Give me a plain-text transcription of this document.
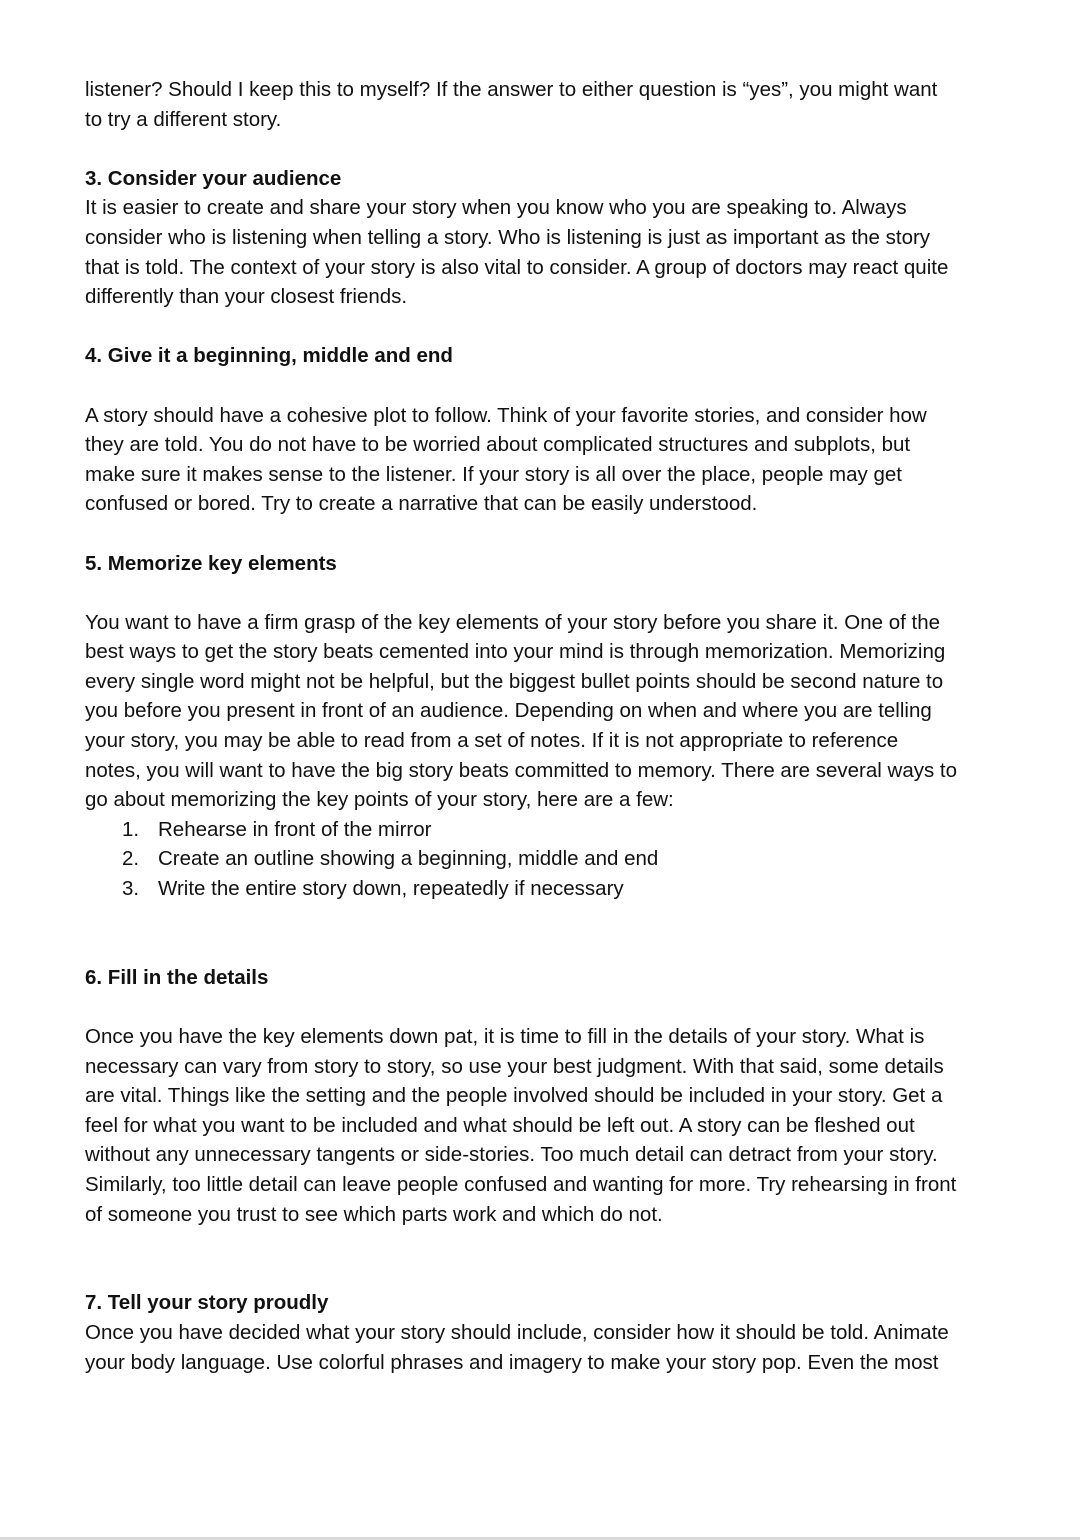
listener? Should I keep this to myself? If the answer to either question is “yes”, you might want
to try a different story.
3. Consider your audience
It is easier to create and share your story when you know who you are speaking to. Always
consider who is listening when telling a story. Who is listening is just as important as the story
that is told. The context of your story is also vital to consider. A group of doctors may react quite
differently than your closest friends.
4. Give it a beginning, middle and end
A story should have a cohesive plot to follow. Think of your favorite stories, and consider how
they are told. You do not have to be worried about complicated structures and subplots, but
make sure it makes sense to the listener. If your story is all over the place, people may get
confused or bored. Try to create a narrative that can be easily understood.
5. Memorize key elements
You want to have a firm grasp of the key elements of your story before you share it. One of the
best ways to get the story beats cemented into your mind is through memorization. Memorizing
every single word might not be helpful, but the biggest bullet points should be second nature to
you before you present in front of an audience. Depending on when and where you are telling
your story, you may be able to read from a set of notes. If it is not appropriate to reference
notes, you will want to have the big story beats committed to memory. There are several ways to
go about memorizing the key points of your story, here are a few:
1. Rehearse in front of the mirror
2. Create an outline showing a beginning, middle and end
3. Write the entire story down, repeatedly if necessary
6. Fill in the details
Once you have the key elements down pat, it is time to fill in the details of your story. What is
necessary can vary from story to story, so use your best judgment. With that said, some details
are vital. Things like the setting and the people involved should be included in your story. Get a
feel for what you want to be included and what should be left out. A story can be fleshed out
without any unnecessary tangents or side-stories. Too much detail can detract from your story.
Similarly, too little detail can leave people confused and wanting for more. Try rehearsing in front
of someone you trust to see which parts work and which do not.
7. Tell your story proudly
Once you have decided what your story should include, consider how it should be told. Animate
your body language. Use colorful phrases and imagery to make your story pop. Even the most
